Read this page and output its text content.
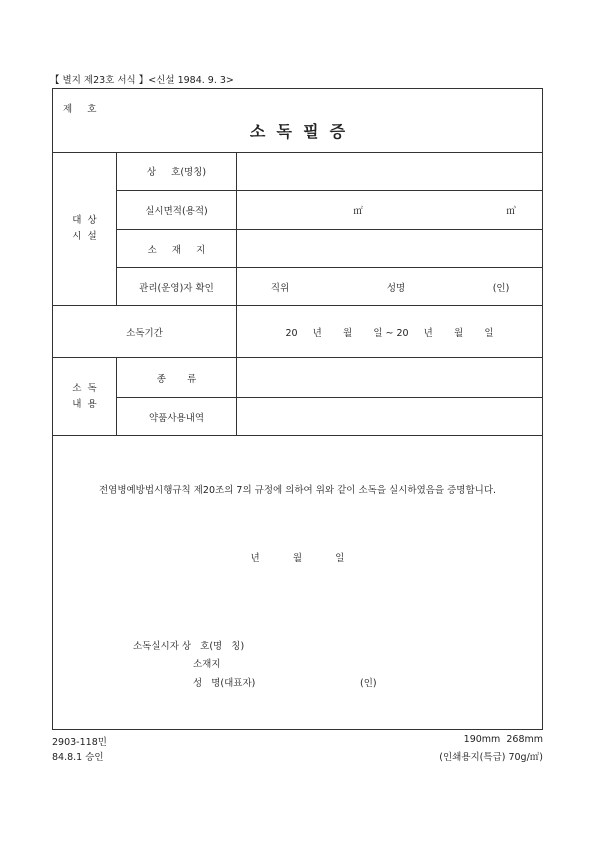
【 별지 제23호 서식 】<신설 1984. 9. 3>
제     호
소  독  필  증
대  상
시  설
상     호(명칭)
실시면적(용적)	㎡	㎥
소     재     지
관리(운영)자 확인	직위	성명	(인)
소독기간	20     년       월       일 ~ 20     년       월       일
소  독
내  용
종       류
약품사용내역
전염병예방법시행규칙 제20조의 7의 규정에 의하여 위와 같이 소독을 실시하였음을 증명합니다.
년           월           일
소독실시자 상   호(명   칭)
소재지
성   명(대표자)	(인)
2903-118민
84.8.1 승인
190mm  268mm
(인쇄용지(특급) 70g/㎡)
